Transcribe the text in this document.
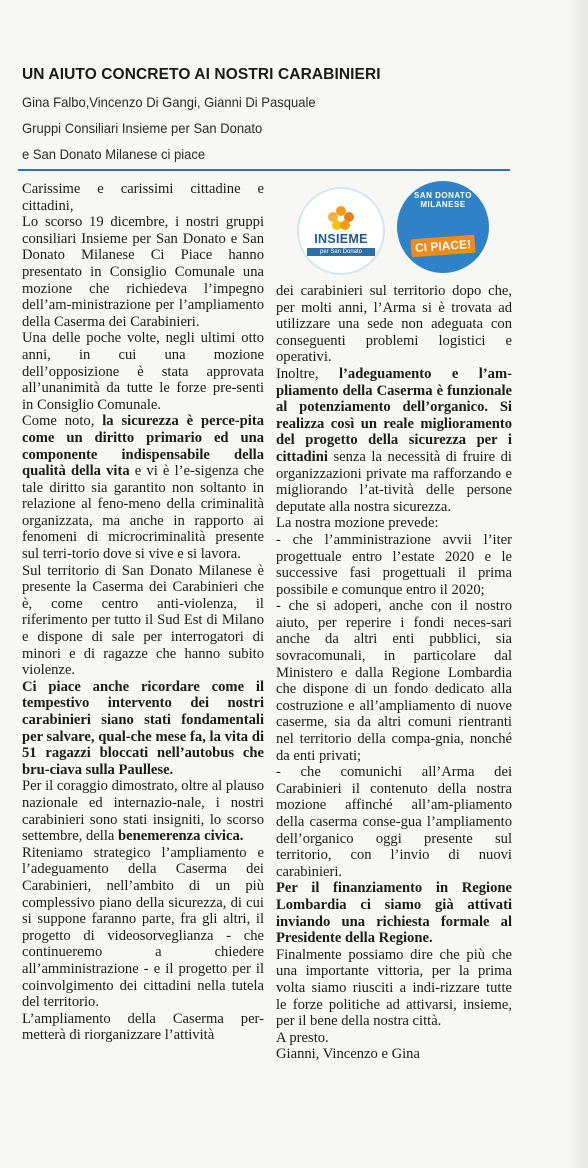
UN AIUTO CONCRETO AI NOSTRI CARABINIERI
Gina Falbo,Vincenzo Di Gangi, Gianni Di Pasquale
Gruppi Consiliari Insieme per San Donato
e San Donato Milanese ci piace

Carissime e carissimi cittadine e cittadini,

Lo scorso 19 dicembre, i nostri gruppi consiliari Insieme per San Donato e San Donato Milanese Ci Piace hanno presentato in Consiglio Comunale una mozione che richiedeva l’impegno dell’am-ministrazione per l’ampliamento della Caserma dei Carabinieri.

Una delle poche volte, negli ultimi otto anni, in cui una mozione dell’opposizione è stata approvata all’unanimità da tutte le forze pre-senti in Consiglio Comunale.

Come noto, la sicurezza è perce-pita come un diritto primario ed una componente indispensabile della qualità della vita e vi è l’e-sigenza che tale diritto sia garantito non soltanto in relazione al feno-meno della criminalità organizzata, ma anche in rapporto ai fenomeni di microcriminalità presente sul terri-torio dove si vive e si lavora.

Sul territorio di San Donato Milanese è presente la Caserma dei Carabinieri che è, come centro anti-violenza, il riferimento per tutto il Sud Est di Milano e dispone di sale per interrogatori di minori e di ragazze che hanno subito violenze.

Ci piace anche ricordare come il tempestivo intervento dei nostri carabinieri siano stati fondamentali per salvare, qual-che mese fa, la vita di 51 ragazzi bloccati nell’autobus che bru-ciava sulla Paullese.

Per il coraggio dimostrato, oltre al plauso nazionale ed internazio-nale, i nostri carabinieri sono stati insigniti, lo scorso settembre, della benemerenza civica.

Riteniamo strategico l’ampliamento e l’adeguamento della Caserma dei Carabinieri, nell’ambito di un più complessivo piano della sicurezza, di cui si suppone faranno parte, fra gli altri, il progetto di videosorveglianza - che continueremo a chiedere all’amministrazione - e il progetto per il coinvolgimento dei cittadini nella tutela del territorio.

L’ampliamento della Caserma per-metterà di riorganizzare l’attività

INSIEME
per San Donato
SAN DONATO MILANESE
CI PIACE!

dei carabinieri sul territorio dopo che, per molti anni, l’Arma si è trovata ad utilizzare una sede non adeguata con conseguenti problemi logistici e operativi.

Inoltre, l’adeguamento e l’am-pliamento della Caserma è funzionale al potenziamento dell’organico. Si realizza così un reale miglioramento del progetto della sicurezza per i cittadini senza la necessità di fruire di organizzazioni private ma rafforzando e migliorando l’at-tività delle persone deputate alla nostra sicurezza.

La nostra mozione prevede:

- che l’amministrazione avvii l’iter progettuale entro l’estate 2020 e le successive fasi progettuali il prima possibile e comunque entro il 2020;

- che si adoperi, anche con il nostro aiuto, per reperire i fondi neces-sari anche da altri enti pubblici, sia sovracomunali, in particolare dal Ministero e dalla Regione Lombardia che dispone di un fondo dedicato alla costruzione e all’ampliamento di nuove caserme, sia da altri comuni rientranti nel territorio della compa-gnia, nonché da enti privati;

- che comunichi all’Arma dei Carabinieri il contenuto della nostra mozione affinché all’am-pliamento della caserma conse-gua l’ampliamento dell’organico oggi presente sul territorio, con l’invio di nuovi carabinieri.

Per il finanziamento in Regione Lombardia ci siamo già attivati inviando una richiesta formale al Presidente della Regione.

Finalmente possiamo dire che più che una importante vittoria, per la prima volta siamo riusciti a indi-rizzare tutte le forze politiche ad attivarsi, insieme, per il bene della nostra città.

A presto.

Gianni, Vincenzo e Gina
